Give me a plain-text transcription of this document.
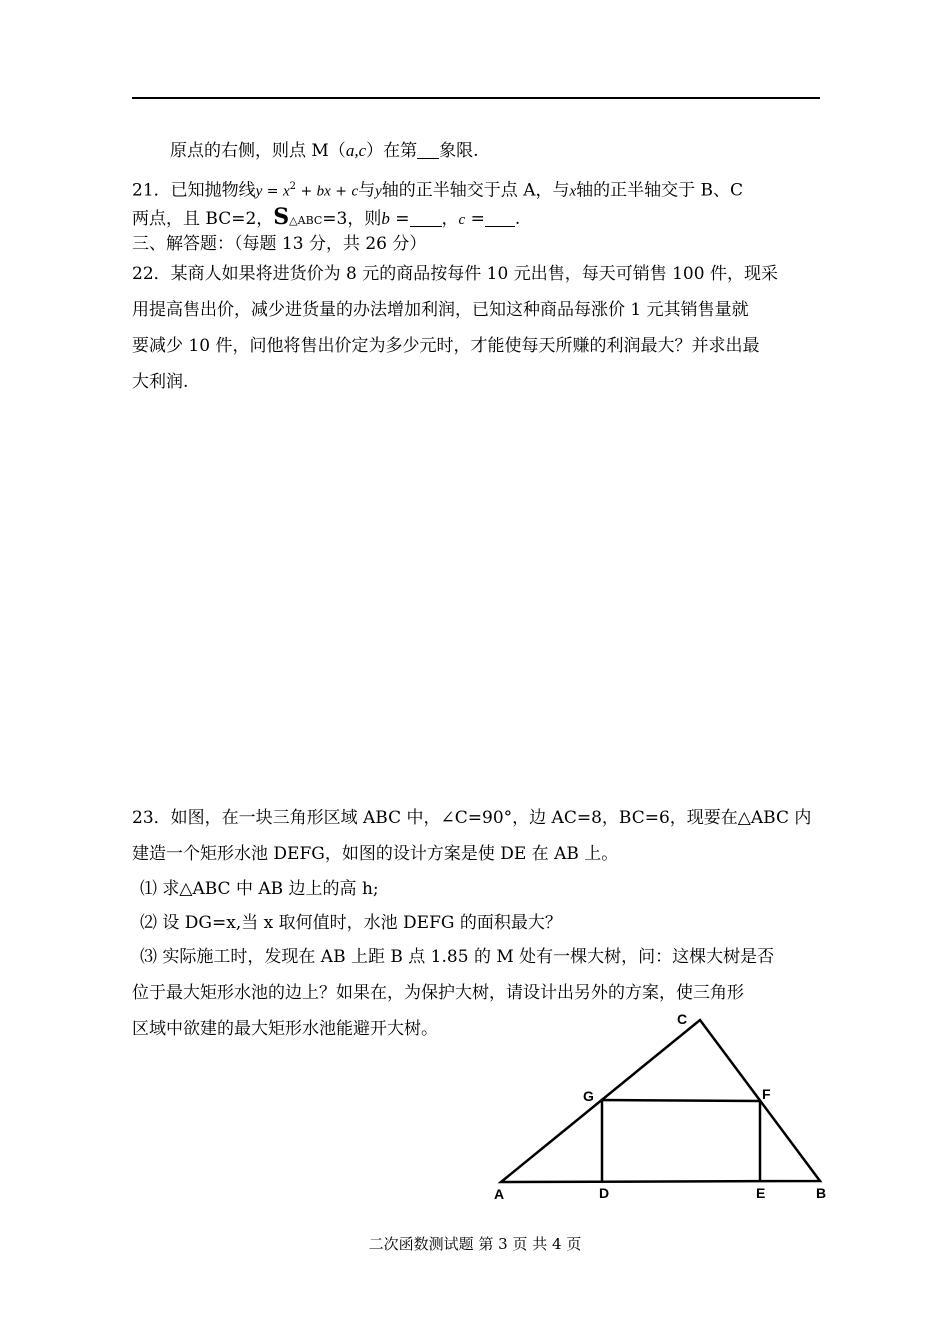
原点的右侧，则点 M（a,c）在第 象限.
21．已知抛物线$y = x^2$ + bx + c与y轴的正半轴交于点 A，与x轴的正半轴交于 B、C
两点，且 BC=2，S△ABC=3，则b = ，c = .
三、解答题：（每题 13 分，共 26 分）
22．某商人如果将进货价为 8 元的商品按每件 10 元出售，每天可销售 100 件，现采
用提高售出价，减少进货量的办法增加利润，已知这种商品每涨价 1 元其销售量就
要减少 10 件，问他将售出价定为多少元时，才能使每天所赚的利润最大？并求出最
大利润.
23．如图，在一块三角形区域 ABC 中，∠C=90°，边 AC=8，BC=6，现要在△ABC 内
建造一个矩形水池 DEFG，如图的设计方案是使 DE 在 AB 上。
⑴ 求△ABC 中 AB 边上的高 h;
⑵ 设 DG=x,当 x 取何值时，水池 DEFG 的面积最大？
⑶ 实际施工时，发现在 AB 上距 B 点 1.85 的 M 处有一棵大树，问：这棵大树是否
位于最大矩形水池的边上？如果在，为保护大树，请设计出另外的方案，使三角形
区域中欲建的最大矩形水池能避开大树。	C
G	F
A	D	E	B
二次函数测试题 第 3 页 共 4 页
